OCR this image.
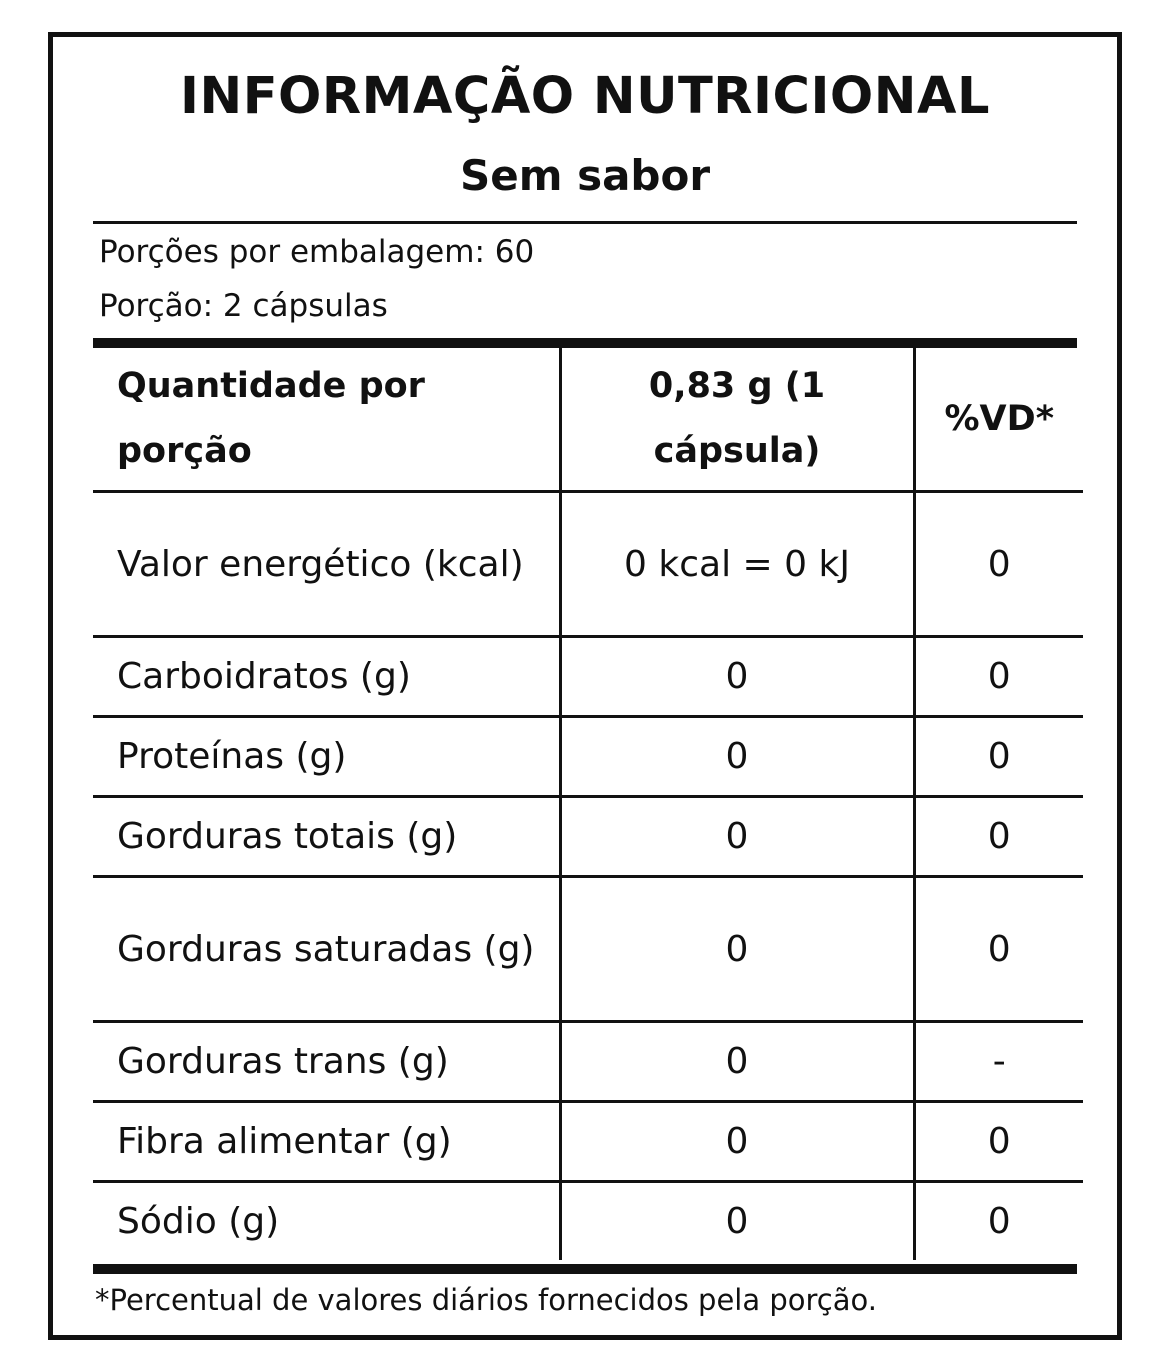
INFORMAÇÃO NUTRICIONAL
Sem sabor
Porções por embalagem: 60
Porção: 2 cápsulas
Quantidade por porção	0,83 g (1 cápsula)	%VD*
Valor energético (kcal)	0 kcal = 0 kJ	0
Carboidratos (g)	0	0
Proteínas (g)	0	0
Gorduras totais (g)	0	0
Gorduras saturadas (g)	0	0
Gorduras trans (g)	0	-
Fibra alimentar (g)	0	0
Sódio (g)	0	0
*Percentual de valores diários fornecidos pela porção.
